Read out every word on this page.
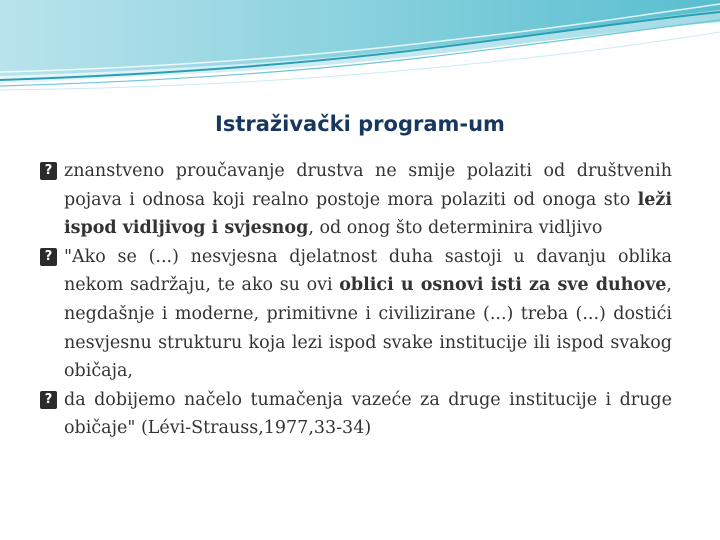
Istraživački program-um
? znanstveno proučavanje drustva ne smije polaziti od društvenih pojava i odnosa koji realno postoje mora polaziti od onoga sto leži ispod vidljivog i svjesnog, od onog što determinira vidljivo
? "Ako se (...) nesvjesna djelatnost duha sastoji u davanju oblika nekom sadržaju, te ako su ovi oblici u osnovi isti za sve duhove, negdašnje i moderne, primitivne i civilizirane (...) treba (...) dostići nesvjesnu strukturu koja lezi ispod svake institucije ili ispod svakog običaja,
? da dobijemo načelo tumačenja vazeće za druge institucije i druge običaje" (Lévi-Strauss,1977,33-34)
